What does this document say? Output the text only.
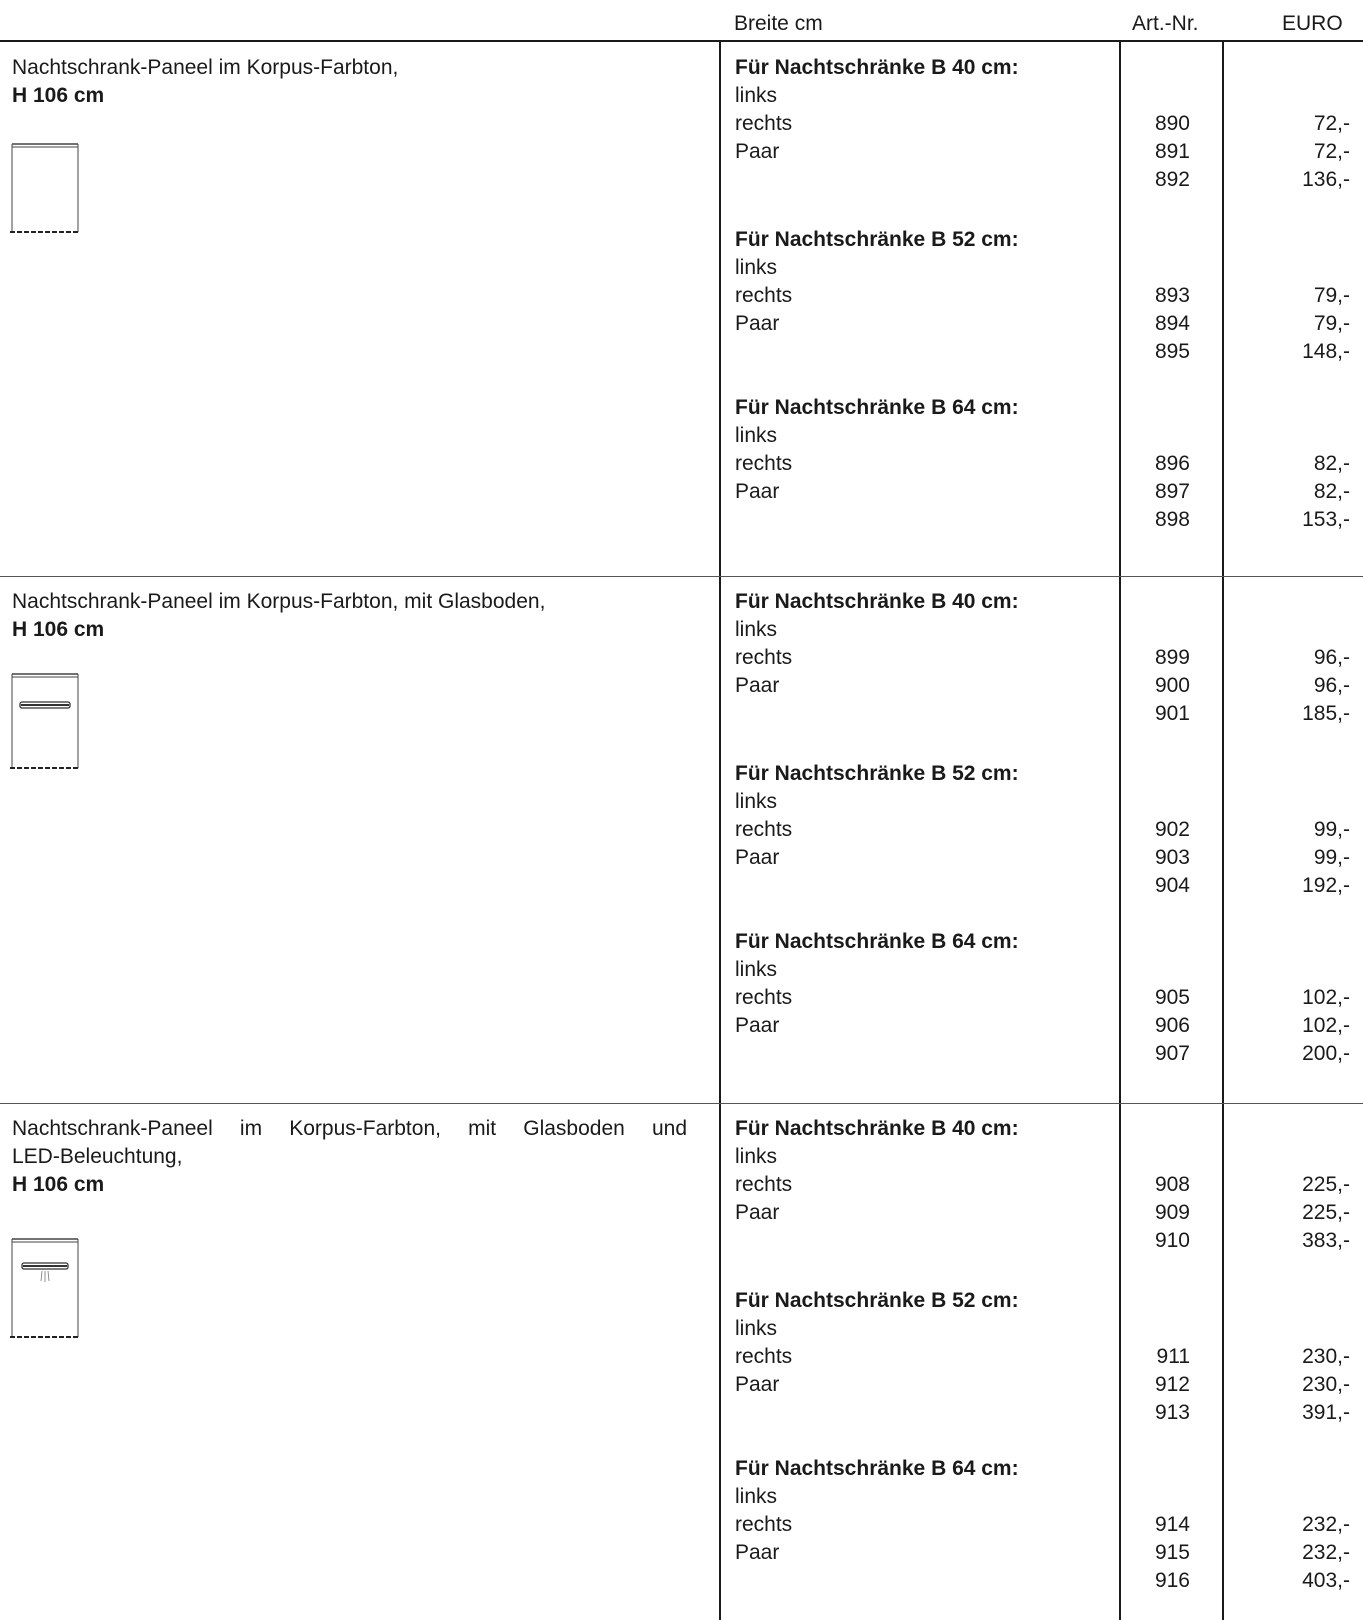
Breite cm	Art.-Nr.	EURO
Nachtschrank-Paneel im Korpus-Farbton,
H 106 cm
Für Nachtschränke B 40 cm:
links
rechts
Paar
890
891
892
72,-
72,-
136,-
Für Nachtschränke B 52 cm:
links
rechts
Paar
893
894
895
79,-
79,-
148,-
Für Nachtschränke B 64 cm:
links
rechts
Paar
896
897
898
82,-
82,-
153,-
Nachtschrank-Paneel im Korpus-Farbton, mit Glasboden,
H 106 cm
Für Nachtschränke B 40 cm:
links
rechts
Paar
899
900
901
96,-
96,-
185,-
Für Nachtschränke B 52 cm:
links
rechts
Paar
902
903
904
99,-
99,-
192,-
Für Nachtschränke B 64 cm:
links
rechts
Paar
905
906
907
102,-
102,-
200,-
Nachtschrank-Paneel im Korpus-Farbton, mit Glasboden und
LED-Beleuchtung,
H 106 cm
Für Nachtschränke B 40 cm:
links
rechts
Paar
908
909
910
225,-
225,-
383,-
Für Nachtschränke B 52 cm:
links
rechts
Paar
911
912
913
230,-
230,-
391,-
Für Nachtschränke B 64 cm:
links
rechts
Paar
914
915
916
232,-
232,-
403,-
